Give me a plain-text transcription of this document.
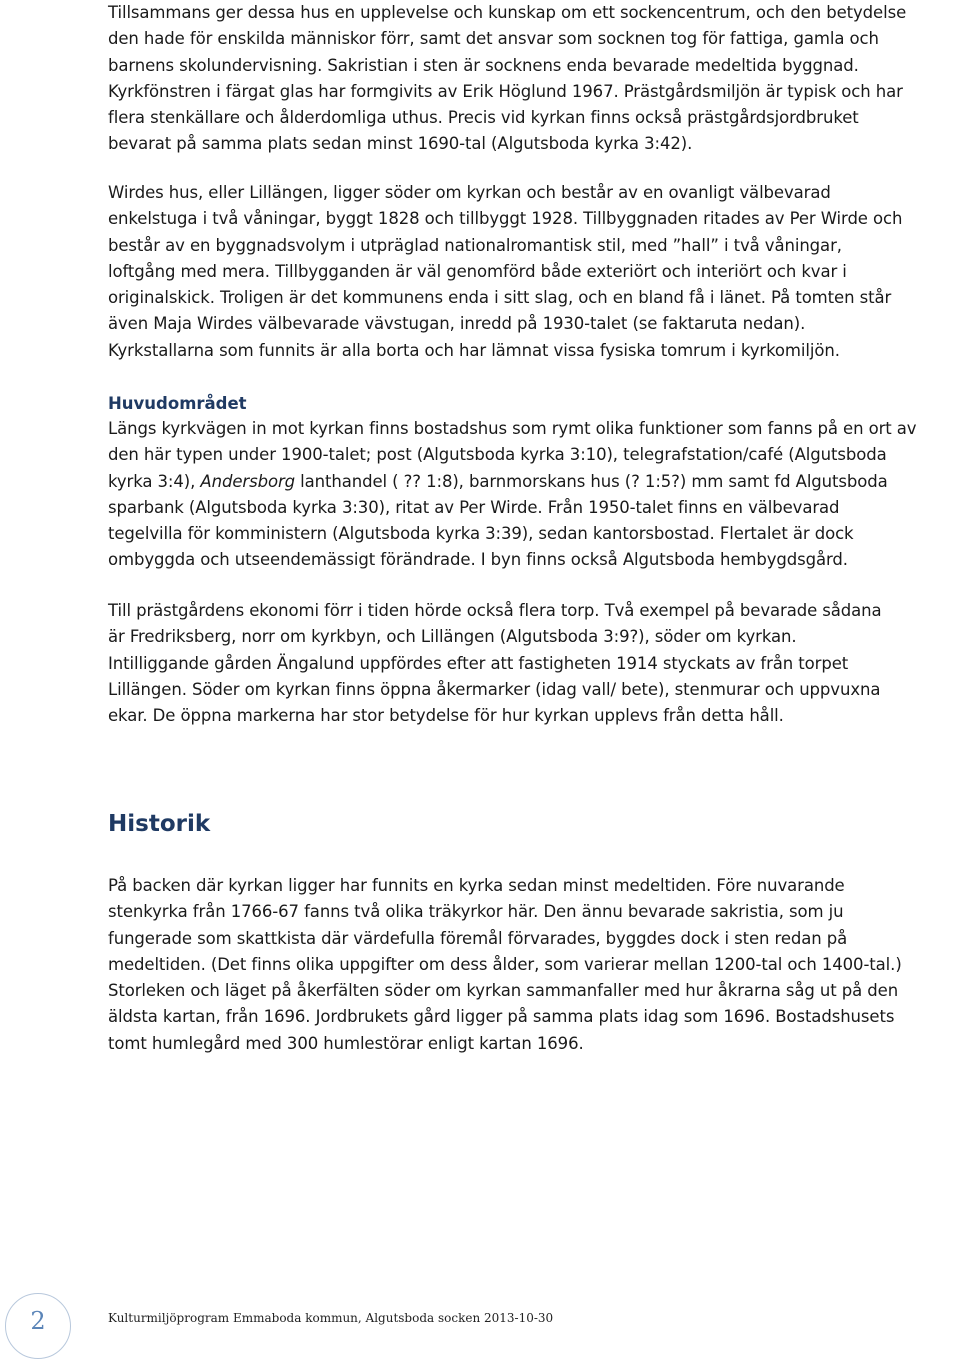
Tillsammans ger dessa hus en upplevelse och kunskap om ett sockencentrum, och den betydelse
den hade för enskilda människor förr, samt det ansvar som socknen tog för fattiga, gamla och
barnens skolundervisning. Sakristian i sten är socknens enda bevarade medeltida byggnad.
Kyrkfönstren i färgat glas har formgivits av Erik Höglund 1967. Prästgårdsmiljön är typisk och har
flera stenkällare och ålderdomliga uthus. Precis vid kyrkan finns också prästgårdsjordbruket
bevarat på samma plats sedan minst 1690-tal (Algutsboda kyrka 3:42).

Wirdes hus, eller Lillängen, ligger söder om kyrkan och består av en ovanligt välbevarad
enkelstuga i två våningar, byggt 1828 och tillbyggt 1928. Tillbyggnaden ritades av Per Wirde och
består av en byggnadsvolym i utpräglad nationalromantisk stil, med ”hall” i två våningar,
loftgång med mera. Tillbygganden är väl genomförd både exteriört och interiört och kvar i
originalskick. Troligen är det kommunens enda i sitt slag, och en bland få i länet. På tomten står
även Maja Wirdes välbevarade vävstugan, inredd på 1930-talet (se faktaruta nedan).
Kyrkstallarna som funnits är alla borta och har lämnat vissa fysiska tomrum i kyrkomiljön.

Huvudområdet

Längs kyrkvägen in mot kyrkan finns bostadshus som rymt olika funktioner som fanns på en ort av
den här typen under 1900-talet; post (Algutsboda kyrka 3:10), telegrafstation/café (Algutsboda
kyrka 3:4), Andersborg lanthandel ( ?? 1:8), barnmorskans hus (? 1:5?) mm samt fd Algutsboda
sparbank (Algutsboda kyrka 3:30), ritat av Per Wirde. Från 1950-talet finns en välbevarad
tegelvilla för komministern (Algutsboda kyrka 3:39), sedan kantorsbostad. Flertalet är dock
ombyggda och utseendemässigt förändrade. I byn finns också Algutsboda hembygdsgård.

Till prästgårdens ekonomi förr i tiden hörde också flera torp. Två exempel på bevarade sådana
är Fredriksberg, norr om kyrkbyn, och Lillängen (Algutsboda 3:9?), söder om kyrkan.
Intilliggande gården Ängalund uppfördes efter att fastigheten 1914 styckats av från torpet
Lillängen. Söder om kyrkan finns öppna åkermarker (idag vall/ bete), stenmurar och uppvuxna
ekar. De öppna markerna har stor betydelse för hur kyrkan upplevs från detta håll.

Historik

På backen där kyrkan ligger har funnits en kyrka sedan minst medeltiden. Före nuvarande
stenkyrka från 1766-67 fanns två olika träkyrkor här. Den ännu bevarade sakristia, som ju
fungerade som skattkista där värdefulla föremål förvarades, byggdes dock i sten redan på
medeltiden. (Det finns olika uppgifter om dess ålder, som varierar mellan 1200-tal och 1400-tal.)
Storleken och läget på åkerfälten söder om kyrkan sammanfaller med hur åkrarna såg ut på den
äldsta kartan, från 1696. Jordbrukets gård ligger på samma plats idag som 1696. Bostadshusets
tomt humlegård med 300 humlestörar enligt kartan 1696.

2	Kulturmiljöprogram Emmaboda kommun, Algutsboda socken 2013-10-30
